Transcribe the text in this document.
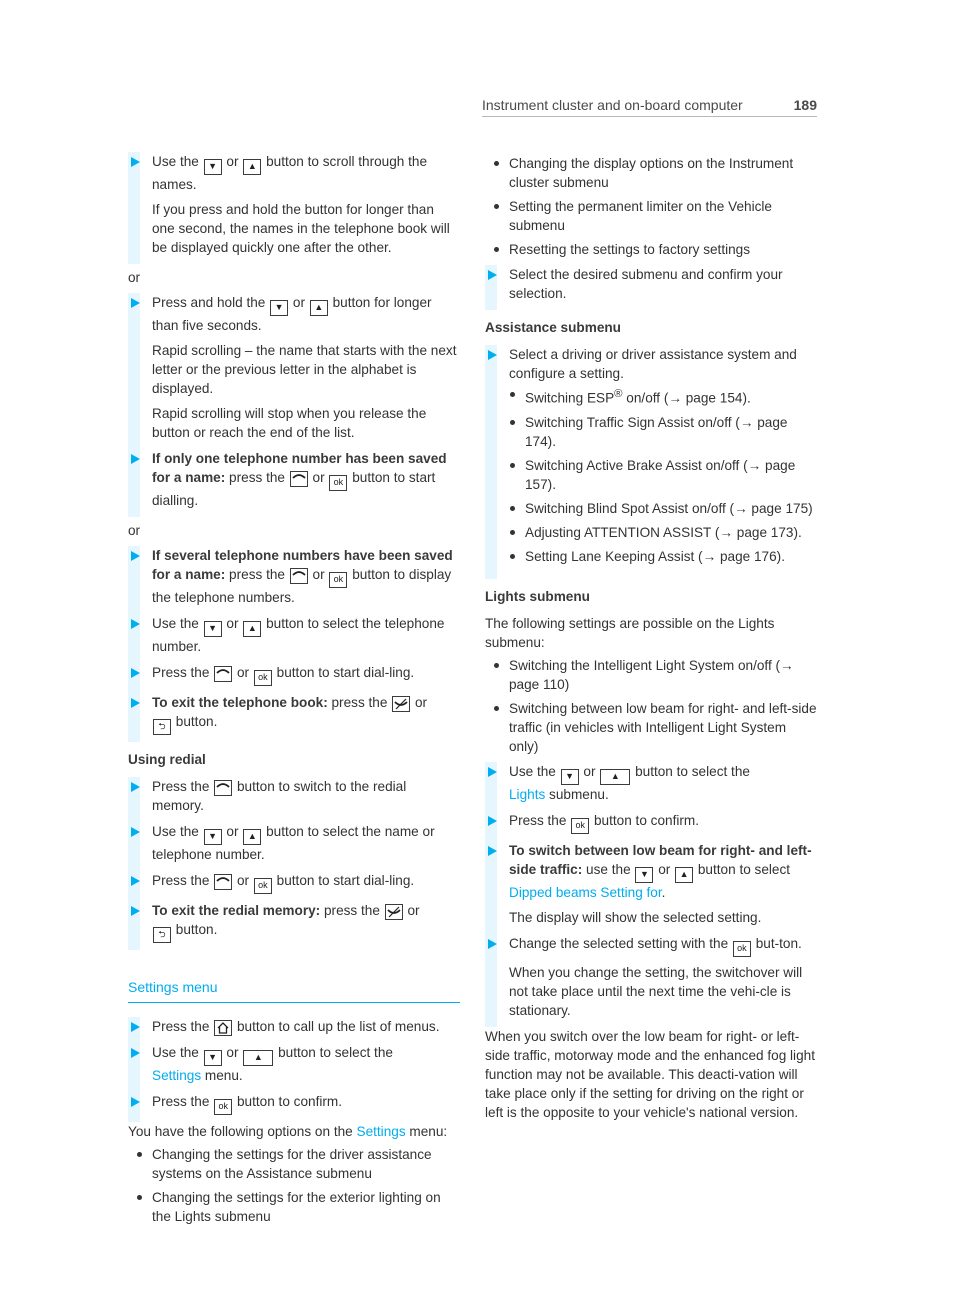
Instrument cluster and on-board computer	189

Use the ▼ or ▲ button to scroll through the names.

If you press and hold the button for longer than one second, the names in the telephone book will be displayed quickly one after the other.

or

Press and hold the ▼ or ▲ button for longer than five seconds.

Rapid scrolling – the name that starts with the next letter or the previous letter in the alphabet is displayed.

Rapid scrolling will stop when you release the button or reach the end of the list.

If only one telephone number has been saved for a name: press the or ok button to start dialling.

or

If several telephone numbers have been saved for a name: press the or ok button to display the telephone numbers.

Use the ▼ or ▲ button to select the telephone number.

Press the or ok button to start dial-ling.

To exit the telephone book: press the or
⮌ button.

Using redial

Press the button to switch to the redial memory.

Use the ▼ or ▲ button to select the name or telephone number.

Press the or ok button to start dial-ling.

To exit the redial memory: press the or
⮌ button.

Settings menu

Press the button to call up the list of menus.

Use the ▼ or ▲ button to select the
Settings menu.

Press the ok button to confirm.

You have the following options on the Settings menu:

Changing the settings for the driver assistance systems on the Assistance submenu
Changing the settings for the exterior lighting on the Lights submenu
Changing the display options on the Instrument cluster submenu
Setting the permanent limiter on the Vehicle submenu
Resetting the settings to factory settings

Select the desired submenu and confirm your selection.

Assistance submenu

Select a driving or driver assistance system and configure a setting.

Switching ESP® on/off (→ page 154).
Switching Traffic Sign Assist on/off (→ page 174).
Switching Active Brake Assist on/off (→ page 157).
Switching Blind Spot Assist on/off (→ page 175)
Adjusting ATTENTION ASSIST (→ page 173).
Setting Lane Keeping Assist (→ page 176).
Lights submenu

The following settings are possible on the Lights submenu:

Switching the Intelligent Light System on/off (→ page 110)
Switching between low beam for right- and left-side traffic (in vehicles with Intelligent Light System only)

Use the ▼ or ▲ button to select the
Lights submenu.

Press the ok button to confirm.

To switch between low beam for right- and left-side traffic: use the ▼ or ▲ button to select Dipped beams Setting for.

The display will show the selected setting.

Change the selected setting with the ok but-ton.

When you change the setting, the switchover will not take place until the next time the vehi-cle is stationary.

When you switch over the low beam for right- or left-side traffic, motorway mode and the enhanced fog light function may not be available. This deacti-vation will take place only if the setting for driving on the right or left is the opposite to your vehicle's national version.
